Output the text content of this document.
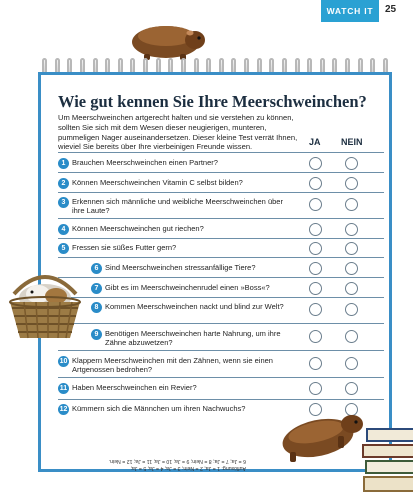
WATCH IT 25
Wie gut kennen Sie Ihre Meerschweinchen?
Um Meerschweinchen artgerecht halten und sie verstehen zu können, sollten Sie sich mit dem Wesen dieser neugierigen, munteren, pummeligen Nager auseinandersetzen. Dieser kleine Test verrät Ihnen, wieviel Sie bereits über Ihre vierbeinigen Freunde wissen.	JA NEIN
1 Brauchen Meerschweinchen einen Partner?
2 Können Meerschweinchen Vitamin C selbst bilden?
3 Erkennen sich männliche und weibliche Meerschweinchen über ihre Laute?
4 Können Meerschweinchen gut riechen?
5 Fressen sie süßes Futter gern?
6 Sind Meerschweinchen stressanfällige Tiere?
7 Gibt es im Meerschweinchenrudel einen »Boss«?
8 Kommen Meerschweinchen nackt und blind zur Welt?
9 Benötigen Meerschweinchen harte Nahrung, um ihre Zähne abzuwetzen?
10 Klappern Meerschweinchen mit den Zähnen, wenn sie einen Artgenossen bedrohen?
11 Haben Meerschweinchen ein Revier?
12 Kümmern sich die Männchen um ihren Nachwuchs?
Auflösung: 1 = Ja; 2 = Nein; 3 = Ja; 4 = Ja; 5 = Ja;
6 = Ja; 7 = Ja; 8 = Nein; 9 = Ja; 10 = Ja; 11 = Ja; 12 = Nein.
